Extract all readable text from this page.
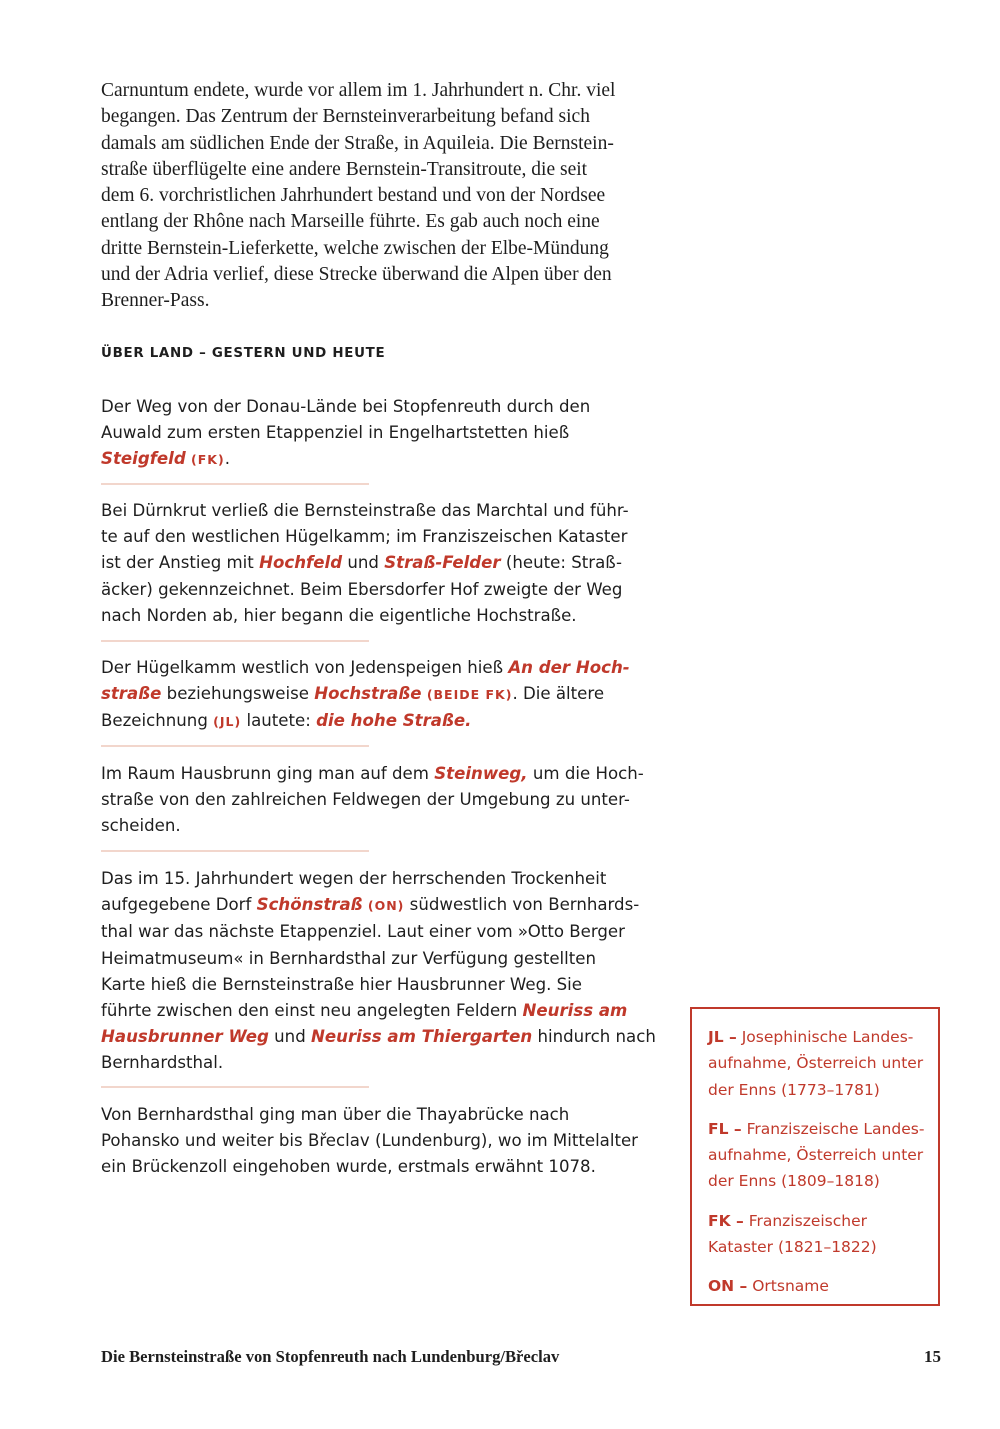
Carnuntum endete, wurde vor allem im 1. Jahrhundert n. Chr. viel
begangen. Das Zentrum der Bernsteinverarbeitung befand sich
damals am südlichen Ende der Straße, in Aquileia. Die Bernstein-
straße überflügelte eine andere Bernstein-Transitroute, die seit
dem 6. vorchristlichen Jahrhundert bestand und von der Nordsee
entlang der Rhône nach Marseille führte. Es gab auch noch eine
dritte Bernstein-Lieferkette, welche zwischen der Elbe-Mündung
und der Adria verlief, diese Strecke überwand die Alpen über den
Brenner-Pass.
ÜBER LAND – GESTERN UND HEUTE
Der Weg von der Donau-Lände bei Stopfenreuth durch den
Auwald zum ersten Etappenziel in Engelhartstetten hieß
Steigfeld (FK).
Bei Dürnkrut verließ die Bernsteinstraße das Marchtal und führ-
te auf den westlichen Hügelkamm; im Franziszeischen Kataster
ist der Anstieg mit Hochfeld und Straß-Felder (heute: Straß-
äcker) gekennzeichnet. Beim Ebersdorfer Hof zweigte der Weg
nach Norden ab, hier begann die eigentliche Hochstraße.
Der Hügelkamm westlich von Jedenspeigen hieß An der Hoch-
straße beziehungsweise Hochstraße (BEIDE FK). Die ältere
Bezeichnung (JL) lautete: die hohe Straße.
Im Raum Hausbrunn ging man auf dem Steinweg, um die Hoch-
straße von den zahlreichen Feldwegen der Umgebung zu unter-
scheiden.
Das im 15. Jahrhundert wegen der herrschenden Trockenheit
aufgegebene Dorf Schönstraß (ON) südwestlich von Bernhards-
thal war das nächste Etappenziel. Laut einer vom »Otto Berger
Heimatmuseum« in Bernhardsthal zur Verfügung gestellten
Karte hieß die Bernsteinstraße hier Hausbrunner Weg. Sie
führte zwischen den einst neu angelegten Feldern Neuriss am
Hausbrunner Weg und Neuriss am Thiergarten hindurch nach
Bernhardsthal.
Von Bernhardsthal ging man über die Thayabrücke nach
Pohansko und weiter bis Břeclav (Lundenburg), wo im Mittelalter
ein Brückenzoll eingehoben wurde, erstmals erwähnt 1078.
JL – Josephinische Landes-
aufnahme, Österreich unter
der Enns (1773–1781)
FL – Franziszeische Landes-
aufnahme, Österreich unter
der Enns (1809–1818)
FK – Franziszeischer
Kataster (1821–1822)
ON – Ortsname

Die Bernsteinstraße von Stopfenreuth nach Lundenburg/Břeclav	15
